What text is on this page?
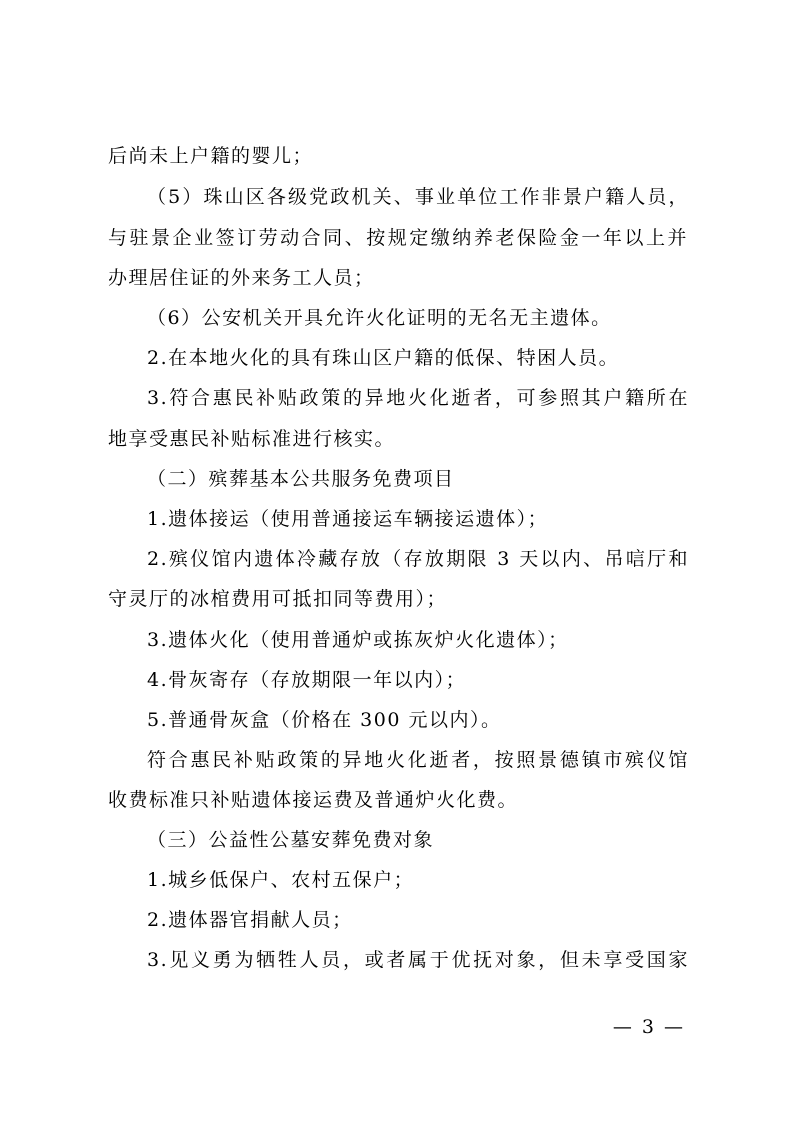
后尚未上户籍的婴儿；
（5）珠山区各级党政机关、事业单位工作非景户籍人员，
与驻景企业签订劳动合同、按规定缴纳养老保险金一年以上并
办理居住证的外来务工人员；
（6）公安机关开具允许火化证明的无名无主遗体。
2.在本地火化的具有珠山区户籍的低保、特困人员。
3.符合惠民补贴政策的异地火化逝者，可参照其户籍所在
地享受惠民补贴标准进行核实。
（二）殡葬基本公共服务免费项目
1.遗体接运（使用普通接运车辆接运遗体）；
2.殡仪馆内遗体冷藏存放（存放期限 3 天以内、吊唁厅和
守灵厅的冰棺费用可抵扣同等费用）；
3.遗体火化（使用普通炉或拣灰炉火化遗体）；
4.骨灰寄存（存放期限一年以内）；
5.普通骨灰盒（价格在 300 元以内）。
符合惠民补贴政策的异地火化逝者，按照景德镇市殡仪馆
收费标准只补贴遗体接运费及普通炉火化费。
（三）公益性公墓安葬免费对象
1.城乡低保户、农村五保户；
2.遗体器官捐献人员；
3.见义勇为牺牲人员，或者属于优抚对象，但未享受国家
— 3 —
